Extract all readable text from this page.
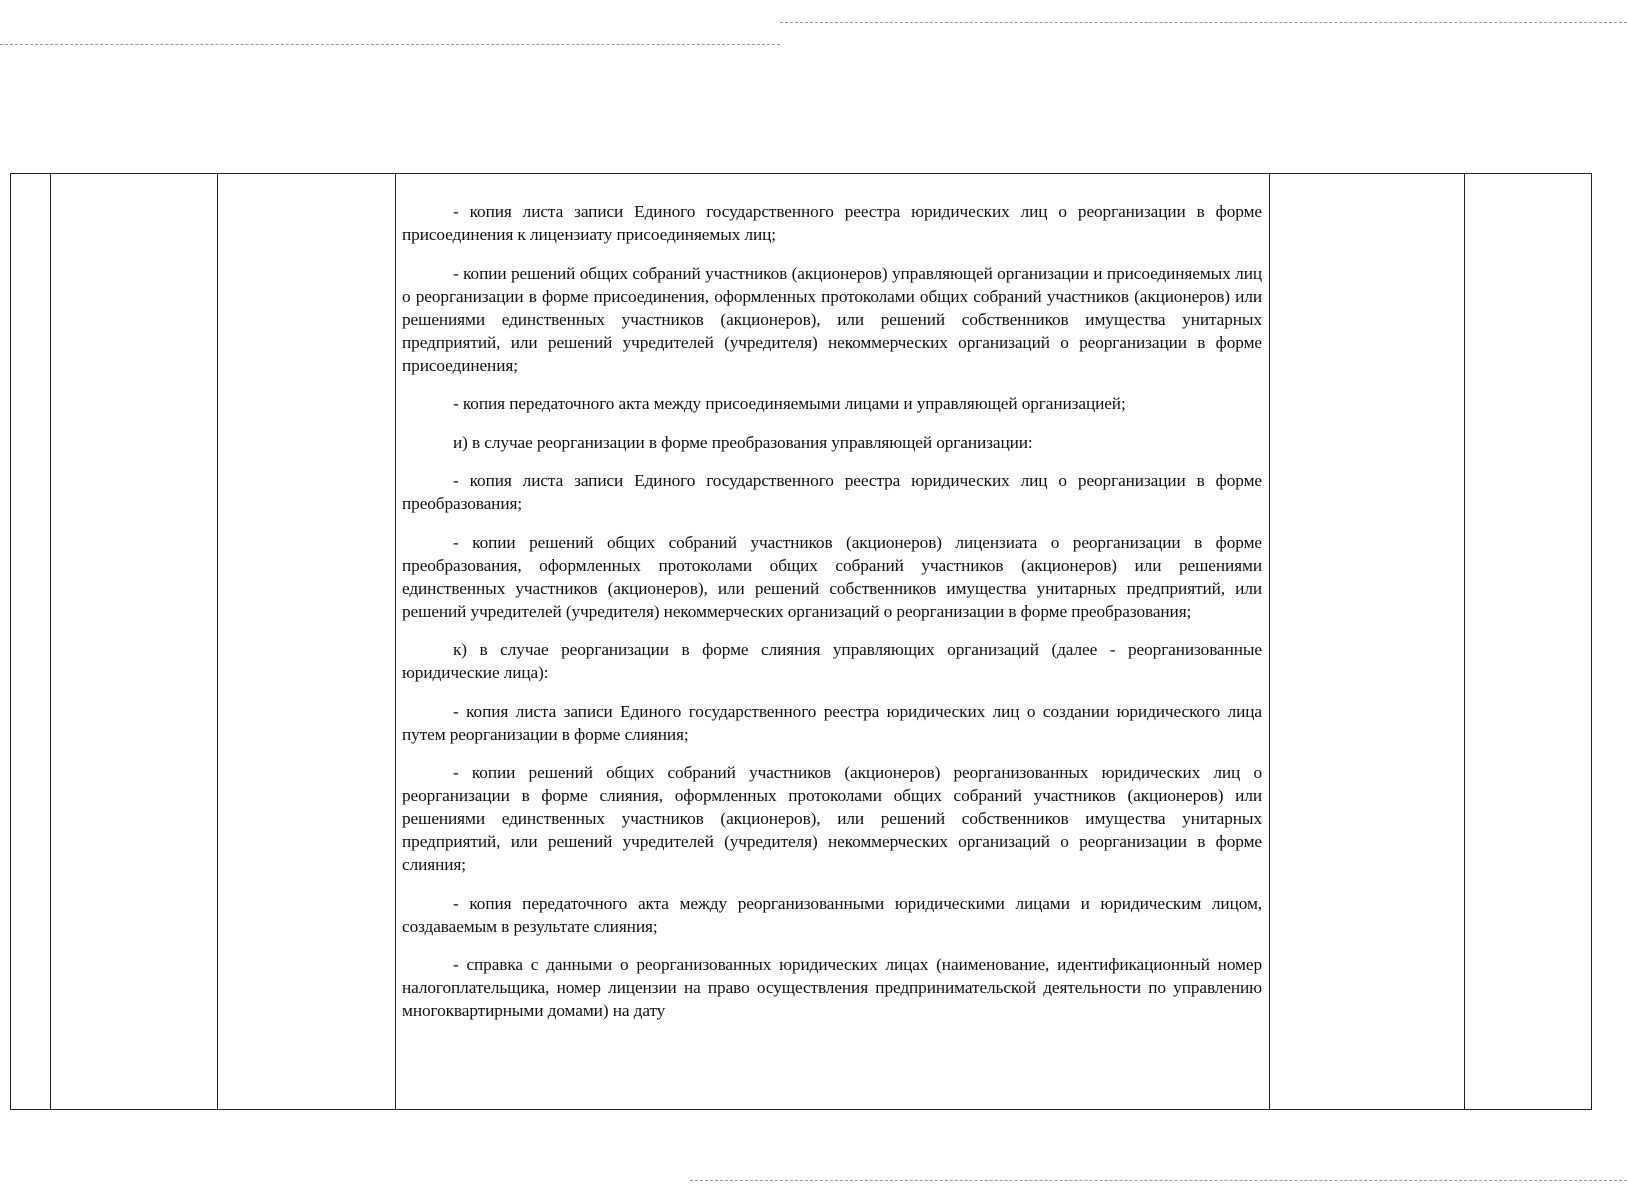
- копия листа записи Единого государственного реестра юридических лиц о реорганизации в форме присоединения к лицензиату присоединяемых лиц;

- копии решений общих собраний участников (акционеров) управляющей организации и присоединяемых лиц о реорганизации в форме присоединения, оформленных протоколами общих собраний участников (акционеров) или решениями единственных участников (акционеров), или решений собственников имущества унитарных предприятий, или решений учредителей (учредителя) некоммерческих организаций о реорганизации в форме присоединения;

- копия передаточного акта между присоединяемыми лицами и управляющей организацией;

и) в случае реорганизации в форме преобразования управляющей организации:

- копия листа записи Единого государственного реестра юридических лиц о реорганизации в форме преобразования;

- копии решений общих собраний участников (акционеров) лицензиата о реорганизации в форме преобразования, оформленных протоколами общих собраний участников (акционеров) или решениями единственных участников (акционеров), или решений собственников имущества унитарных предприятий, или решений учредителей (учредителя) некоммерческих организаций о реорганизации в форме преобразования;

к) в случае реорганизации в форме слияния управляющих организаций (далее - реорганизованные юридические лица):

- копия листа записи Единого государственного реестра юридических лиц о создании юридического лица путем реорганизации в форме слияния;

- копии решений общих собраний участников (акционеров) реорганизованных юридических лиц о реорганизации в форме слияния, оформленных протоколами общих собраний участников (акционеров) или решениями единственных участников (акционеров), или решений собственников имущества унитарных предприятий, или решений учредителей (учредителя) некоммерческих организаций о реорганизации в форме слияния;

- копия передаточного акта между реорганизованными юридическими лицами и юридическим лицом, создаваемым в результате слияния;

- справка с данными о реорганизованных юридических лицах (наименование, идентификационный номер налогоплательщика, номер лицензии на право осуществления предпринимательской деятельности по управлению многоквартирными домами) на дату
